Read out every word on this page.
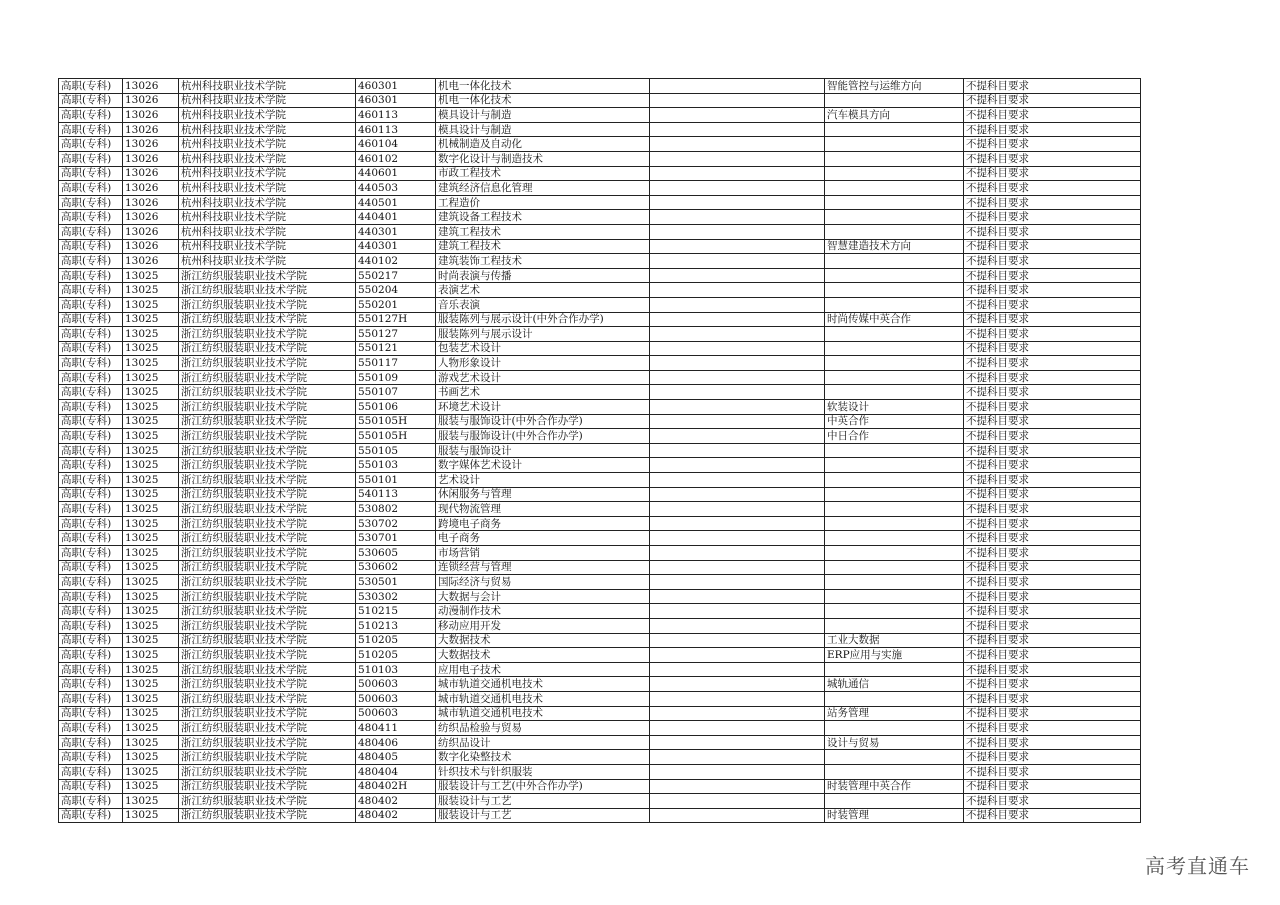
高职(专科)	13026	杭州科技职业技术学院	460301	机电一体化技术		智能管控与运维方向	不提科目要求
高职(专科)	13026	杭州科技职业技术学院	460301	机电一体化技术			不提科目要求
高职(专科)	13026	杭州科技职业技术学院	460113	模具设计与制造		汽车模具方向	不提科目要求
高职(专科)	13026	杭州科技职业技术学院	460113	模具设计与制造			不提科目要求
高职(专科)	13026	杭州科技职业技术学院	460104	机械制造及自动化			不提科目要求
高职(专科)	13026	杭州科技职业技术学院	460102	数字化设计与制造技术			不提科目要求
高职(专科)	13026	杭州科技职业技术学院	440601	市政工程技术			不提科目要求
高职(专科)	13026	杭州科技职业技术学院	440503	建筑经济信息化管理			不提科目要求
高职(专科)	13026	杭州科技职业技术学院	440501	工程造价			不提科目要求
高职(专科)	13026	杭州科技职业技术学院	440401	建筑设备工程技术			不提科目要求
高职(专科)	13026	杭州科技职业技术学院	440301	建筑工程技术			不提科目要求
高职(专科)	13026	杭州科技职业技术学院	440301	建筑工程技术		智慧建造技术方向	不提科目要求
高职(专科)	13026	杭州科技职业技术学院	440102	建筑装饰工程技术			不提科目要求
高职(专科)	13025	浙江纺织服装职业技术学院	550217	时尚表演与传播			不提科目要求
高职(专科)	13025	浙江纺织服装职业技术学院	550204	表演艺术			不提科目要求
高职(专科)	13025	浙江纺织服装职业技术学院	550201	音乐表演			不提科目要求
高职(专科)	13025	浙江纺织服装职业技术学院	550127H	服装陈列与展示设计(中外合作办学)		时尚传媒中英合作	不提科目要求
高职(专科)	13025	浙江纺织服装职业技术学院	550127	服装陈列与展示设计			不提科目要求
高职(专科)	13025	浙江纺织服装职业技术学院	550121	包装艺术设计			不提科目要求
高职(专科)	13025	浙江纺织服装职业技术学院	550117	人物形象设计			不提科目要求
高职(专科)	13025	浙江纺织服装职业技术学院	550109	游戏艺术设计			不提科目要求
高职(专科)	13025	浙江纺织服装职业技术学院	550107	书画艺术			不提科目要求
高职(专科)	13025	浙江纺织服装职业技术学院	550106	环境艺术设计		软装设计	不提科目要求
高职(专科)	13025	浙江纺织服装职业技术学院	550105H	服装与服饰设计(中外合作办学)		中英合作	不提科目要求
高职(专科)	13025	浙江纺织服装职业技术学院	550105H	服装与服饰设计(中外合作办学)		中日合作	不提科目要求
高职(专科)	13025	浙江纺织服装职业技术学院	550105	服装与服饰设计			不提科目要求
高职(专科)	13025	浙江纺织服装职业技术学院	550103	数字媒体艺术设计			不提科目要求
高职(专科)	13025	浙江纺织服装职业技术学院	550101	艺术设计			不提科目要求
高职(专科)	13025	浙江纺织服装职业技术学院	540113	休闲服务与管理			不提科目要求
高职(专科)	13025	浙江纺织服装职业技术学院	530802	现代物流管理			不提科目要求
高职(专科)	13025	浙江纺织服装职业技术学院	530702	跨境电子商务			不提科目要求
高职(专科)	13025	浙江纺织服装职业技术学院	530701	电子商务			不提科目要求
高职(专科)	13025	浙江纺织服装职业技术学院	530605	市场营销			不提科目要求
高职(专科)	13025	浙江纺织服装职业技术学院	530602	连锁经营与管理			不提科目要求
高职(专科)	13025	浙江纺织服装职业技术学院	530501	国际经济与贸易			不提科目要求
高职(专科)	13025	浙江纺织服装职业技术学院	530302	大数据与会计			不提科目要求
高职(专科)	13025	浙江纺织服装职业技术学院	510215	动漫制作技术			不提科目要求
高职(专科)	13025	浙江纺织服装职业技术学院	510213	移动应用开发			不提科目要求
高职(专科)	13025	浙江纺织服装职业技术学院	510205	大数据技术		工业大数据	不提科目要求
高职(专科)	13025	浙江纺织服装职业技术学院	510205	大数据技术		ERP应用与实施	不提科目要求
高职(专科)	13025	浙江纺织服装职业技术学院	510103	应用电子技术			不提科目要求
高职(专科)	13025	浙江纺织服装职业技术学院	500603	城市轨道交通机电技术		城轨通信	不提科目要求
高职(专科)	13025	浙江纺织服装职业技术学院	500603	城市轨道交通机电技术			不提科目要求
高职(专科)	13025	浙江纺织服装职业技术学院	500603	城市轨道交通机电技术		站务管理	不提科目要求
高职(专科)	13025	浙江纺织服装职业技术学院	480411	纺织品检验与贸易			不提科目要求
高职(专科)	13025	浙江纺织服装职业技术学院	480406	纺织品设计		设计与贸易	不提科目要求
高职(专科)	13025	浙江纺织服装职业技术学院	480405	数字化染整技术			不提科目要求
高职(专科)	13025	浙江纺织服装职业技术学院	480404	针织技术与针织服装			不提科目要求
高职(专科)	13025	浙江纺织服装职业技术学院	480402H	服装设计与工艺(中外合作办学)		时装管理中英合作	不提科目要求
高职(专科)	13025	浙江纺织服装职业技术学院	480402	服装设计与工艺			不提科目要求
高职(专科)	13025	浙江纺织服装职业技术学院	480402	服装设计与工艺		时装管理	不提科目要求
高考直通车
